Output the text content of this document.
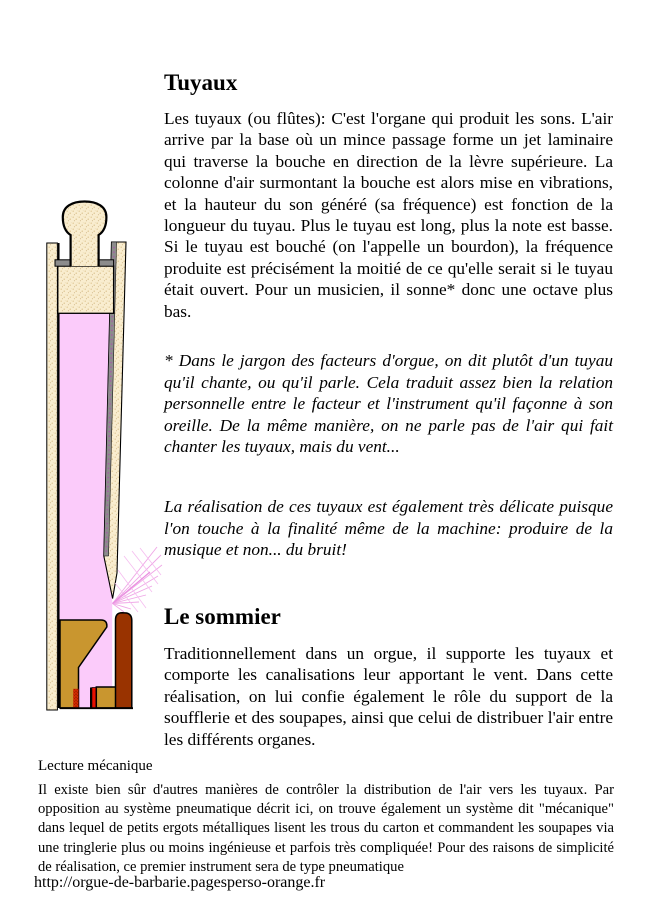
Tuyaux

Les tuyaux (ou flûtes): C'est l'organe qui produit les sons. L'air arrive par la base où un mince passage forme un jet laminaire qui traverse la bouche en direction de la lèvre supérieure. La colonne d'air surmontant la bouche est alors mise en vibrations, et la hauteur du son généré (sa fréquence) est fonction de la longueur du tuyau. Plus le tuyau est long, plus la note est basse. Si le tuyau est bouché (on l'appelle un bourdon), la fréquence produite est précisément la moitié de ce qu'elle serait si le tuyau était ouvert. Pour un musicien, il sonne* donc une octave plus bas.

* Dans le jargon des facteurs d'orgue, on dit plutôt d'un tuyau qu'il chante, ou qu'il parle. Cela traduit assez bien la relation personnelle entre le facteur et l'instrument qu'il façonne à son oreille. De la même manière, on ne parle pas de l'air qui fait chanter les tuyaux, mais du vent...

La réalisation de ces tuyaux est également très délicate puisque l'on touche à la finalité même de la machine: produire de la musique et non... du bruit!

Le sommier

Traditionnellement dans un orgue, il supporte les tuyaux et comporte les canalisations leur apportant le vent. Dans cette réalisation, on lui confie également le rôle du support de la soufflerie et des soupapes, ainsi que celui de distribuer l'air entre les différents organes.

Lecture mécanique

Il existe bien sûr d'autres manières de contrôler la distribution de l'air vers les tuyaux. Par opposition au système pneumatique décrit ici, on trouve également un système dit "mécanique" dans lequel de petits ergots métalliques lisent les trous du carton et commandent les soupapes via une tringlerie plus ou moins ingénieuse et parfois très compliquée! Pour des raisons de simplicité de réalisation, ce premier instrument sera de type pneumatique

http://orgue-de-barbarie.pagesperso-orange.fr
